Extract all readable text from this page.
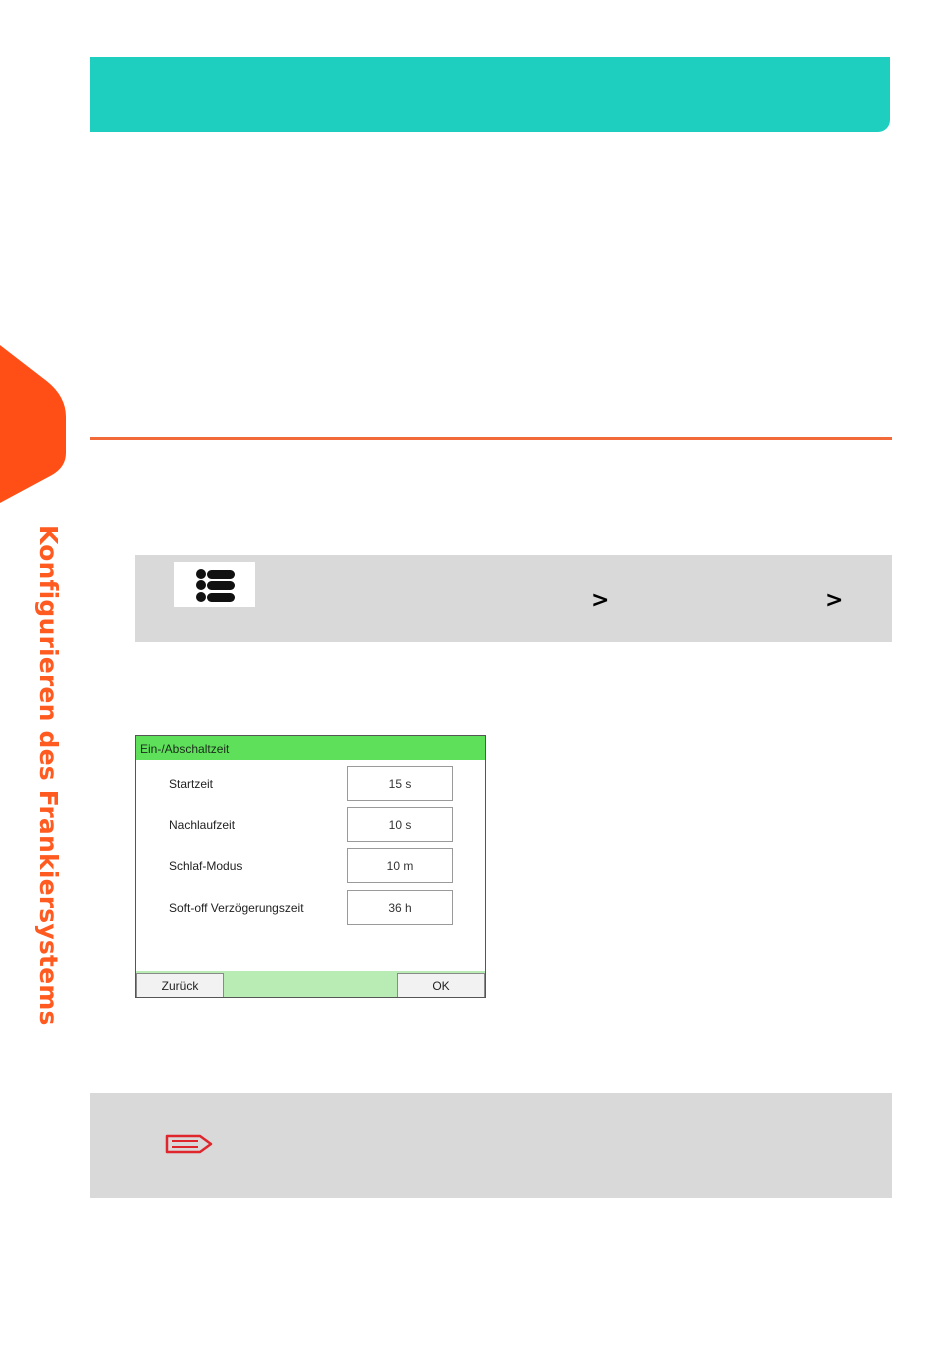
Konfigurieren des Frankiersystems	>	>
Ein-/Abschaltzeit
Startzeit	15 s
Nachlaufzeit	10 s
Schlaf-Modus	10 m
Soft-off Verzögerungszeit	36 h
Zurück	OK
